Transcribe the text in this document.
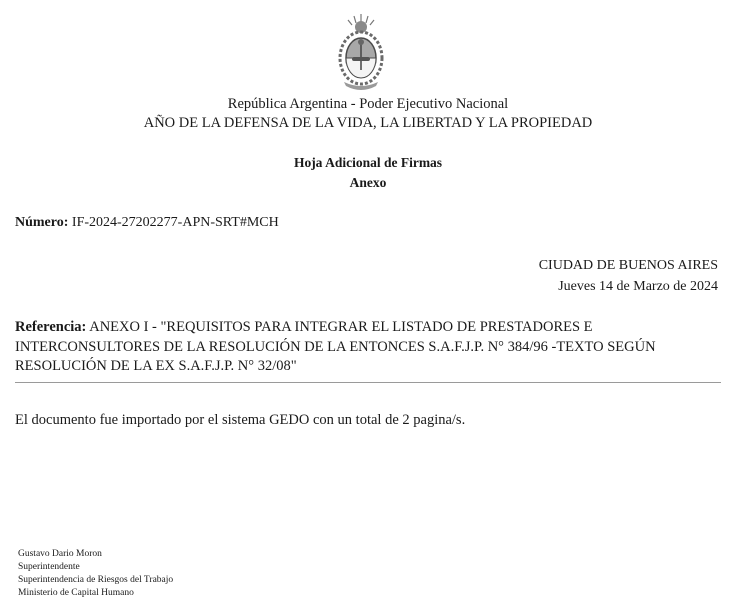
República Argentina - Poder Ejecutivo Nacional
AÑO DE LA DEFENSA DE LA VIDA, LA LIBERTAD Y LA PROPIEDAD
Hoja Adicional de Firmas
Anexo
Número: IF-2024-27202277-APN-SRT#MCH
CIUDAD DE BUENOS AIRES
Jueves 14 de Marzo de 2024
Referencia: ANEXO I - "REQUISITOS PARA INTEGRAR EL LISTADO DE PRESTADORES E INTERCONSULTORES DE LA RESOLUCIÓN DE LA ENTONCES S.A.F.J.P. N° 384/96 -TEXTO SEGÚN RESOLUCIÓN DE LA EX S.A.F.J.P. N° 32/08"
El documento fue importado por el sistema GEDO con un total de 2 pagina/s.
Gustavo Dario Moron
Superintendente
Superintendencia de Riesgos del Trabajo
Ministerio de Capital Humano
